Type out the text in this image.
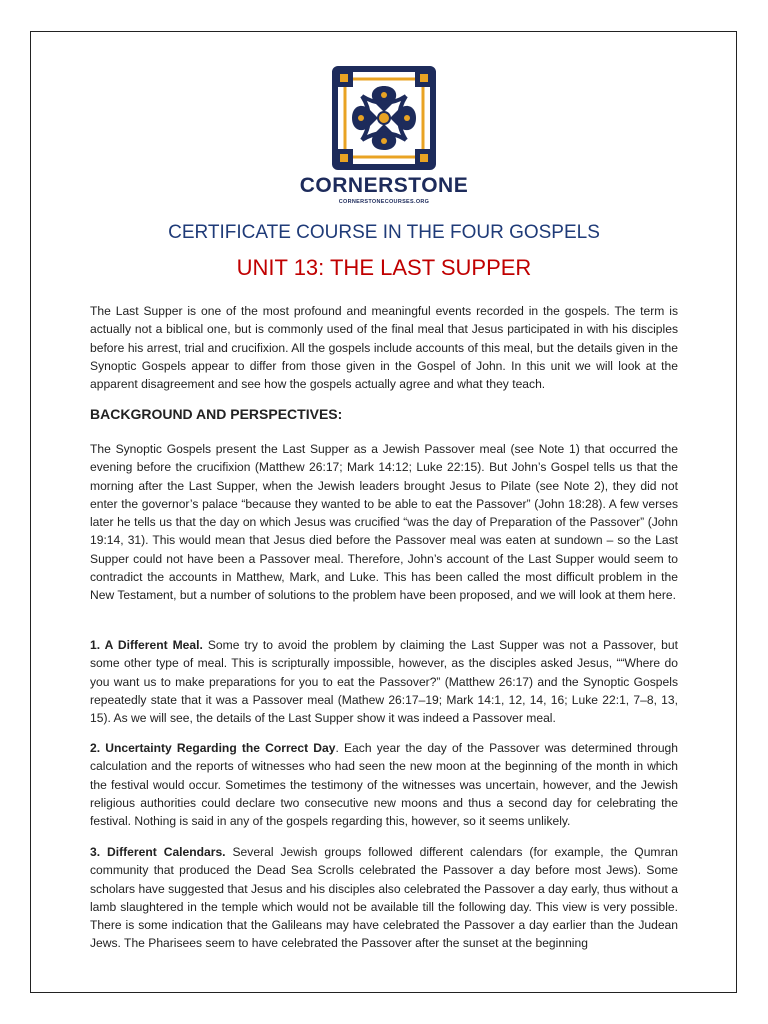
CORNERSTONE
CORNERSTONECOURSES.ORG
CERTIFICATE COURSE IN THE FOUR GOSPELS
UNIT 13: THE LAST SUPPER

The Last Supper is one of the most profound and meaningful events recorded in the gospels. The term is actually not a biblical one, but is commonly used of the final meal that Jesus participated in with his disciples before his arrest, trial and crucifixion. All the gospels include accounts of this meal, but the details given in the Synoptic Gospels appear to differ from those given in the Gospel of John. In this unit we will look at the apparent disagreement and see how the gospels actually agree and what they teach.

BACKGROUND AND PERSPECTIVES:

The Synoptic Gospels present the Last Supper as a Jewish Passover meal (see Note 1) that occurred the evening before the crucifixion (Matthew 26:17; Mark 14:12; Luke 22:15). But John’s Gospel tells us that the morning after the Last Supper, when the Jewish leaders brought Jesus to Pilate (see Note 2), they did not enter the governor’s palace “because they wanted to be able to eat the Passover” (John 18:28). A few verses later he tells us that the day on which Jesus was crucified “was the day of Preparation of the Passover” (John 19:14, 31). This would mean that Jesus died before the Passover meal was eaten at sundown – so the Last Supper could not have been a Passover meal. Therefore, John’s account of the Last Supper would seem to contradict the accounts in Matthew, Mark, and Luke. This has been called the most difficult problem in the New Testament, but a number of solutions to the problem have been proposed, and we will look at them here.

1. A Different Meal. Some try to avoid the problem by claiming the Last Supper was not a Passover, but some other type of meal. This is scripturally impossible, however, as the disciples asked Jesus, ““Where do you want us to make preparations for you to eat the Passover?” (Matthew 26:17) and the Synoptic Gospels repeatedly state that it was a Passover meal (Mathew 26:17–19; Mark 14:1, 12, 14, 16; Luke 22:1, 7–8, 13, 15). As we will see, the details of the Last Supper show it was indeed a Passover meal.

2. Uncertainty Regarding the Correct Day. Each year the day of the Passover was determined through calculation and the reports of witnesses who had seen the new moon at the beginning of the month in which the festival would occur. Sometimes the testimony of the witnesses was uncertain, however, and the Jewish religious authorities could declare two consecutive new moons and thus a second day for celebrating the festival. Nothing is said in any of the gospels regarding this, however, so it seems unlikely.

3. Different Calendars. Several Jewish groups followed different calendars (for example, the Qumran community that produced the Dead Sea Scrolls celebrated the Passover a day before most Jews). Some scholars have suggested that Jesus and his disciples also celebrated the Passover a day early, thus without a lamb slaughtered in the temple which would not be available till the following day. This view is very possible. There is some indication that the Galileans may have celebrated the Passover a day earlier than the Judean Jews. The Pharisees seem to have celebrated the Passover after the sunset at the beginning
